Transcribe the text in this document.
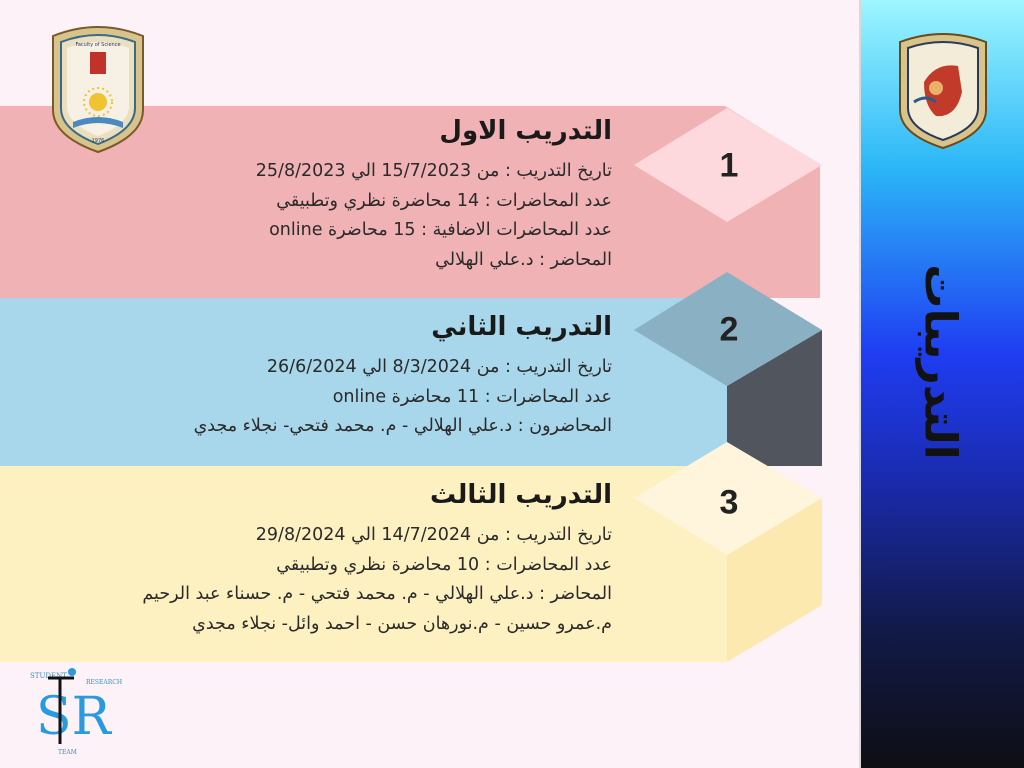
التدريبات
1
2
3
التدريب الاول
تاريخ التدريب : من 15/7/2023 الي 25/8/2023
عدد المحاضرات : 14 محاضرة نظري وتطبيقي
عدد المحاضرات الاضافية : 15 محاضرة online
المحاضر : د.علي الهلالي
التدريب الثاني
تاريخ التدريب : من 8/3/2024 الي 26/6/2024
عدد المحاضرات : 11 محاضرة online
المحاضرون : د.علي الهلالي - م. محمد فتحي- نجلاء مجدي
التدريب الثالث
تاريخ التدريب : من 14/7/2024 الي 29/8/2024
عدد المحاضرات : 10 محاضرة نظري وتطبيقي
المحاضر : د.علي الهلالي - م. محمد فتحي - م. حسناء عبد الرحيم
م.عمرو حسين - م.نورهان حسن - احمد وائل- نجلاء مجدي
Faculty of Science
1976
STUDENT
RESEARCH
SR
TEAM
